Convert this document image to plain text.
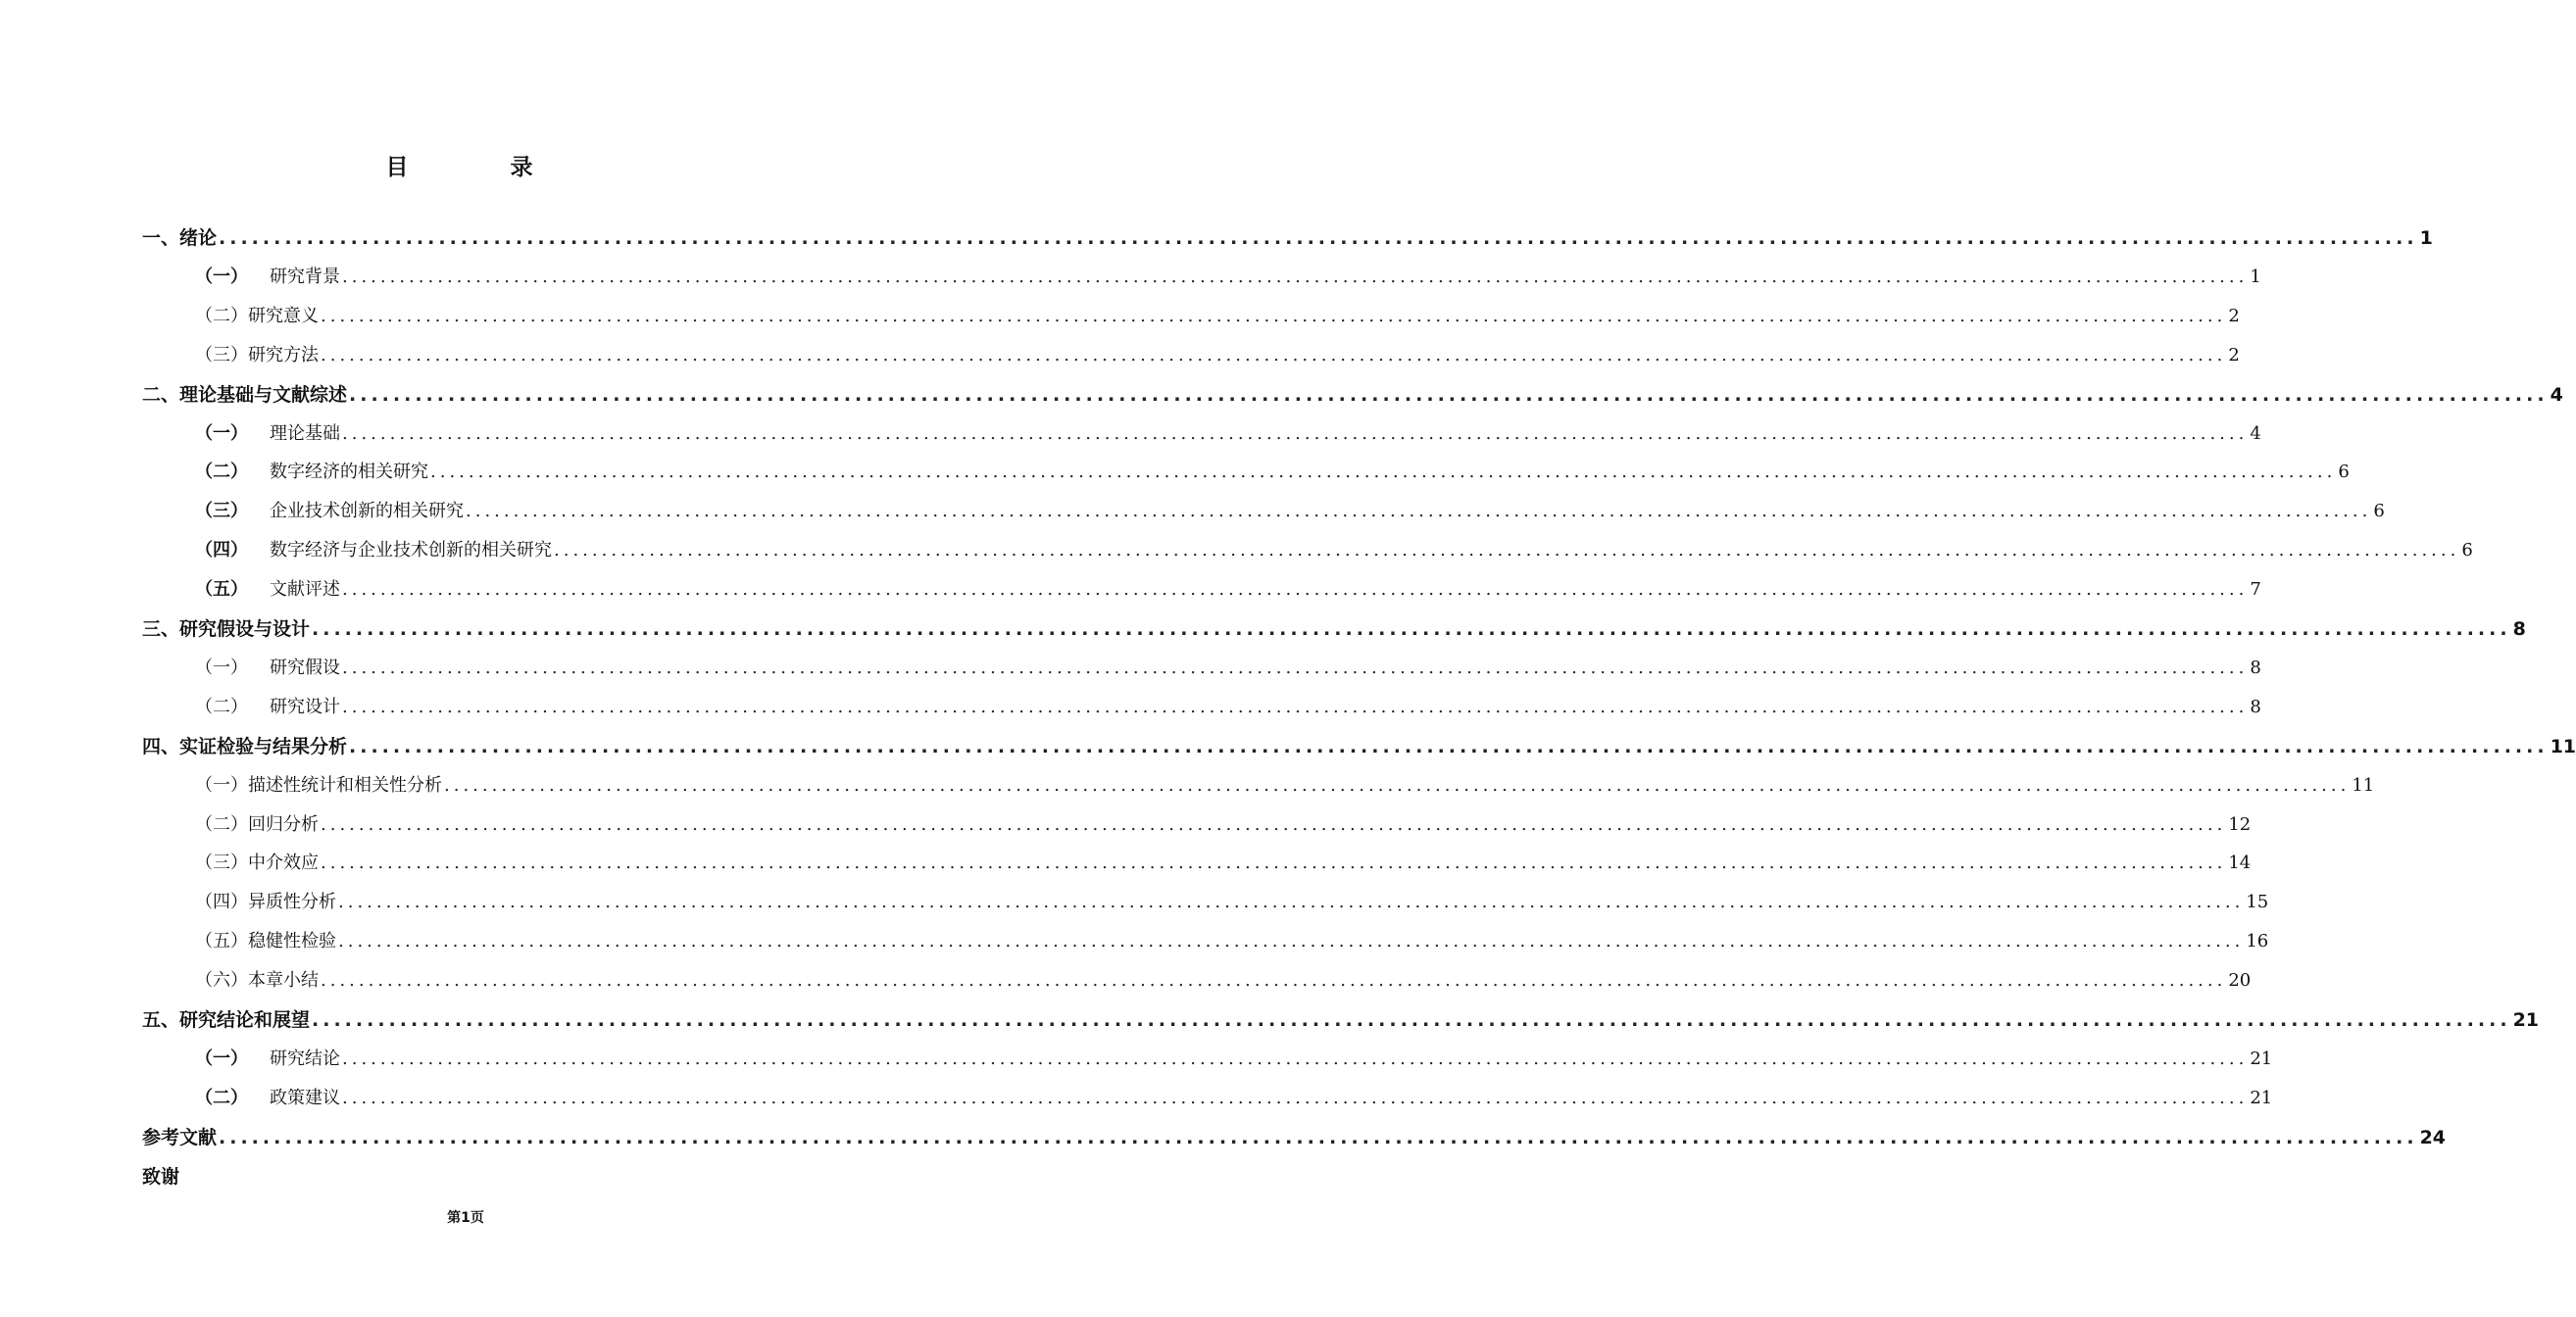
目 录
一、绪论 ........................................................................................................................................................................................................ 1
（一） 研究背景 ........................................................................................................................................................................................................ 1
（二）研究意义 ........................................................................................................................................................................................................ 2
（三）研究方法 ........................................................................................................................................................................................................ 2
二、理论基础与文献综述 ........................................................................................................................................................................................................ 4
（一） 理论基础 ........................................................................................................................................................................................................ 4
（二） 数字经济的相关研究 ........................................................................................................................................................................................................ 6
（三） 企业技术创新的相关研究 ........................................................................................................................................................................................................ 6
（四） 数字经济与企业技术创新的相关研究 ........................................................................................................................................................................................................ 6
（五） 文献评述 ........................................................................................................................................................................................................ 7
三、研究假设与设计 ........................................................................................................................................................................................................ 8
（一） 研究假设 ........................................................................................................................................................................................................ 8
（二） 研究设计 ........................................................................................................................................................................................................ 8
四、实证检验与结果分析 ........................................................................................................................................................................................................ 11
（一）描述性统计和相关性分析 ........................................................................................................................................................................................................ 11
（二）回归分析 ........................................................................................................................................................................................................ 12
（三）中介效应 ........................................................................................................................................................................................................ 14
（四）异质性分析 ........................................................................................................................................................................................................ 15
（五）稳健性检验 ........................................................................................................................................................................................................ 16
（六）本章小结 ........................................................................................................................................................................................................ 20
五、研究结论和展望 ........................................................................................................................................................................................................ 21
（一） 研究结论 ........................................................................................................................................................................................................ 21
（二） 政策建议 ........................................................................................................................................................................................................ 21
参考文献 ........................................................................................................................................................................................................ 24
致谢
第1页
